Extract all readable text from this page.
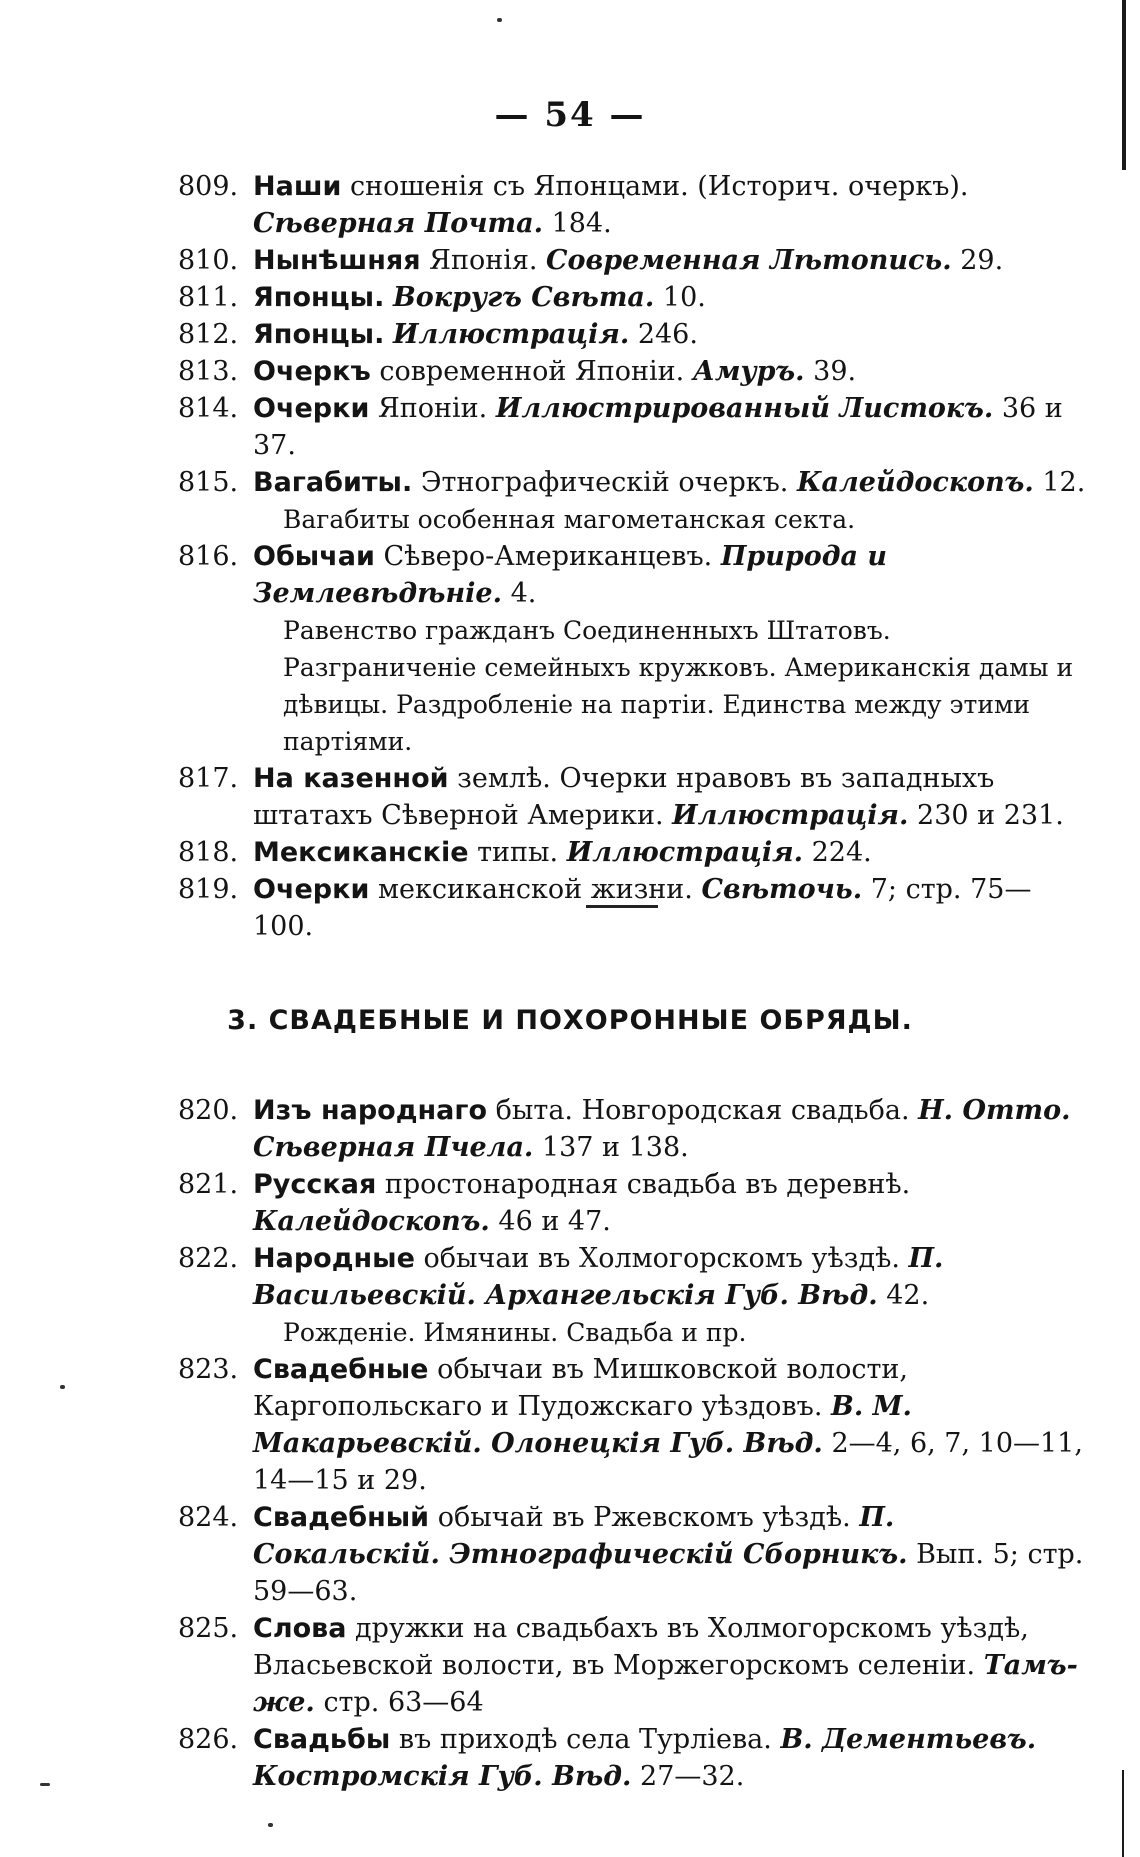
— 54 —
809. Наши сношенія съ Японцами. (Историч. очеркъ). Сѣверная Почта. 184.
810. Нынѣшняя Японія. Современная Лѣтопись. 29.
811. Японцы. Вокругъ Свѣта. 10.
812. Японцы. Иллюстрація. 246.
813. Очеркъ современной Японіи. Амуръ. 39.
814. Очерки Японіи. Иллюстрированный Листокъ. 36 и 37.
815. Вагабиты. Этнографическій очеркъ. Калейдоскопъ. 12.
Вагабиты особенная магометанская секта.
816. Обычаи Сѣверо-Американцевъ. Природа и Землевѣдѣніе. 4.
Равенство гражданъ Соединенныхъ Штатовъ. Разграниченіе семейныхъ кружковъ. Американскія дамы и дѣвицы. Раздробленіе на партіи. Единства между этими партіями.
817. На казенной землѣ. Очерки нравовъ въ западныхъ штатахъ Сѣверной Америки. Иллюстрація. 230 и 231.
818. Мексиканскіе типы. Иллюстрація. 224.
819. Очерки мексиканской жизни. Свѣточь. 7; стр. 75—100.
3. СВАДЕБНЫЕ И ПОХОРОННЫЕ ОБРЯДЫ.
820. Изъ народнаго быта. Новгородская свадьба. Н. Отто. Сѣверная Пчела. 137 и 138.
821. Русская простонародная свадьба въ деревнѣ. Калейдоскопъ. 46 и 47.
822. Народные обычаи въ Холмогорскомъ уѣздѣ. П. Васильевскій. Архангельскія Губ. Вѣд. 42.
Рожденіе. Имянины. Свадьба и пр.
823. Свадебные обычаи въ Мишковской волости, Каргопольскаго и Пудожскаго уѣздовъ. В. М. Макарьевскій. Олонецкія Губ. Вѣд. 2—4, 6, 7, 10—11, 14—15 и 29.
824. Свадебный обычай въ Ржевскомъ уѣздѣ. П. Сокальскій. Этнографическій Сборникъ. Вып. 5; стр. 59—63.
825. Слова дружки на свадьбахъ въ Холмогорскомъ уѣздѣ, Власьевской волости, въ Моржегорскомъ селеніи. Тамъ-же. стр. 63—64
826. Свадьбы въ приходѣ села Турліева. В. Дементьевъ. Костромскія Губ. Вѣд. 27—32.
